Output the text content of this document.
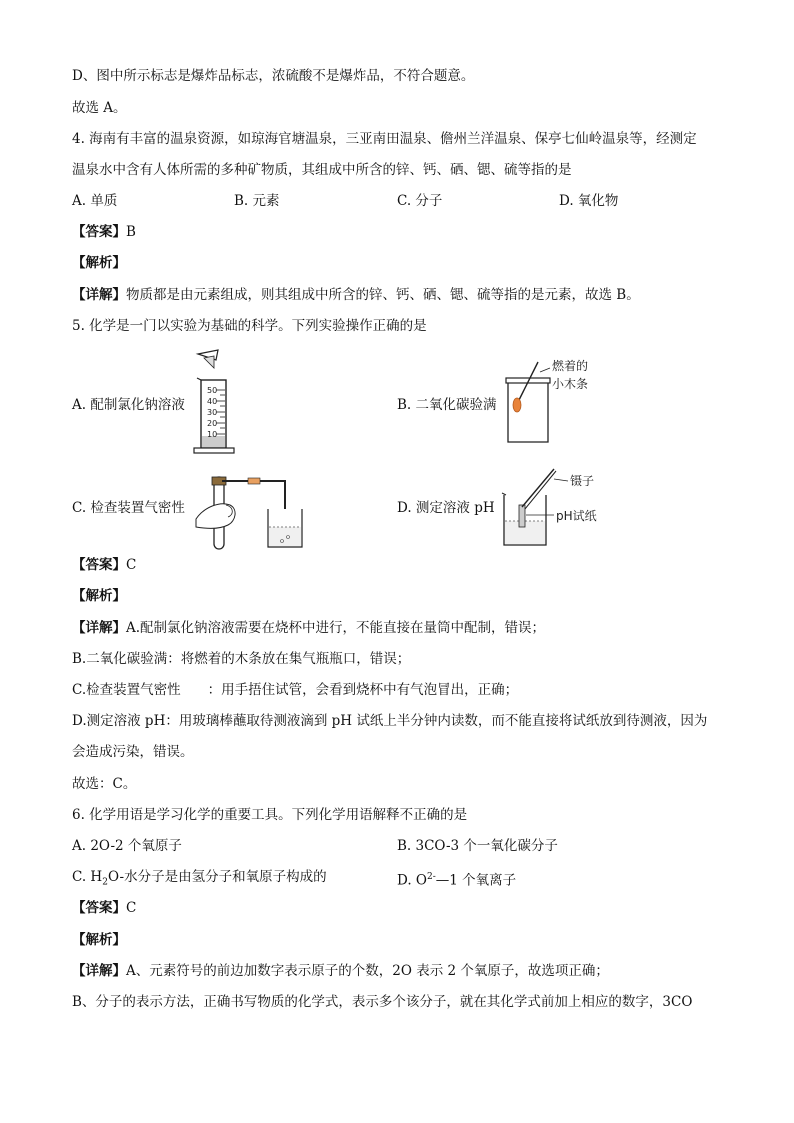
D、图中所示标志是爆炸品标志，浓硫酸不是爆炸品，不符合题意。
故选 A。
4. 海南有丰富的温泉资源，如琼海官塘温泉，三亚南田温泉、儋州兰洋温泉、保亭七仙岭温泉等，经测定
温泉水中含有人体所需的多种矿物质，其组成中所含的锌、钙、硒、锶、硫等指的是
A. 单质	B. 元素	C. 分子	D. 氧化物
【答案】B
【解析】
【详解】物质都是由元素组成，则其组成中所含的锌、钙、硒、锶、硫等指的是元素，故选 B。
5. 化学是一门以实验为基础的科学。下列实验操作正确的是
A. 配制氯化钠溶液	B. 二氧化碳验满
C. 检查装置气密性	D. 测定溶液 pH
50
40
30
20
10
燃着的
小木条
镊子
pH试纸
【答案】C
【解析】
【详解】A.配制氯化钠溶液需要在烧杯中进行，不能直接在量筒中配制，错误；
B.二氧化碳验满：将燃着的木条放在集气瓶瓶口，错误；
C.检查装置气密性　　：用手捂住试管，会看到烧杯中有气泡冒出，正确；
D.测定溶液 pH：用玻璃棒蘸取待测液滴到 pH 试纸上半分钟内读数，而不能直接将试纸放到待测液，因为
会造成污染，错误。
故选：C。
6. 化学用语是学习化学的重要工具。下列化学用语解释不正确的是
A. 2O-2 个氧原子	B. 3CO-3 个一氧化碳分子
C. $H_2O-$水分子是由氢分子和氧原子构成的	D. $O^{2-}—1$ 个氧离子
【答案】C
【解析】
【详解】A、元素符号的前边加数字表示原子的个数，2O 表示 2 个氧原子，故选项正确；
B、分子的表示方法，正确书写物质的化学式，表示多个该分子，就在其化学式前加上相应的数字，3CO
